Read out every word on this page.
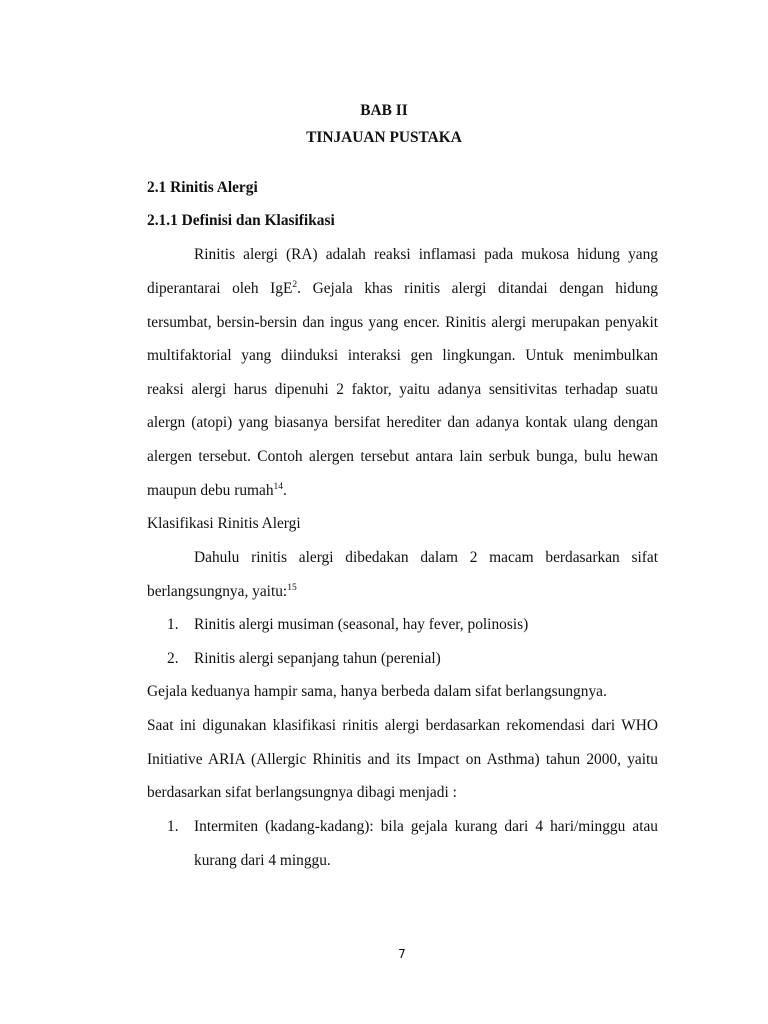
BAB II
TINJAUAN PUSTAKA
2.1 Rinitis Alergi
2.1.1 Definisi dan Klasifikasi
Rinitis alergi (RA) adalah reaksi inflamasi pada mukosa hidung yang
diperantarai oleh IgE$^2$. Gejala khas rinitis alergi ditandai dengan hidung
tersumbat, bersin-bersin dan ingus yang encer. Rinitis alergi merupakan penyakit
multifaktorial yang diinduksi interaksi gen lingkungan. Untuk menimbulkan
reaksi alergi harus dipenuhi 2 faktor, yaitu adanya sensitivitas terhadap suatu
alergn (atopi) yang biasanya bersifat herediter dan adanya kontak ulang dengan
alergen tersebut. Contoh alergen tersebut antara lain serbuk bunga, bulu hewan
maupun debu rumah$^{14}$.
Klasifikasi Rinitis Alergi
Dahulu rinitis alergi dibedakan dalam 2 macam berdasarkan sifat
berlangsungnya, yaitu:$^{15}$
1. Rinitis alergi musiman (seasonal, hay fever, polinosis)
2. Rinitis alergi sepanjang tahun (perenial)
Gejala keduanya hampir sama, hanya berbeda dalam sifat berlangsungnya.
Saat ini digunakan klasifikasi rinitis alergi berdasarkan rekomendasi dari WHO
Initiative ARIA (Allergic Rhinitis and its Impact on Asthma) tahun 2000, yaitu
berdasarkan sifat berlangsungnya dibagi menjadi :
1. Intermiten (kadang-kadang): bila gejala kurang dari 4 hari/minggu atau
kurang dari 4 minggu.
7
